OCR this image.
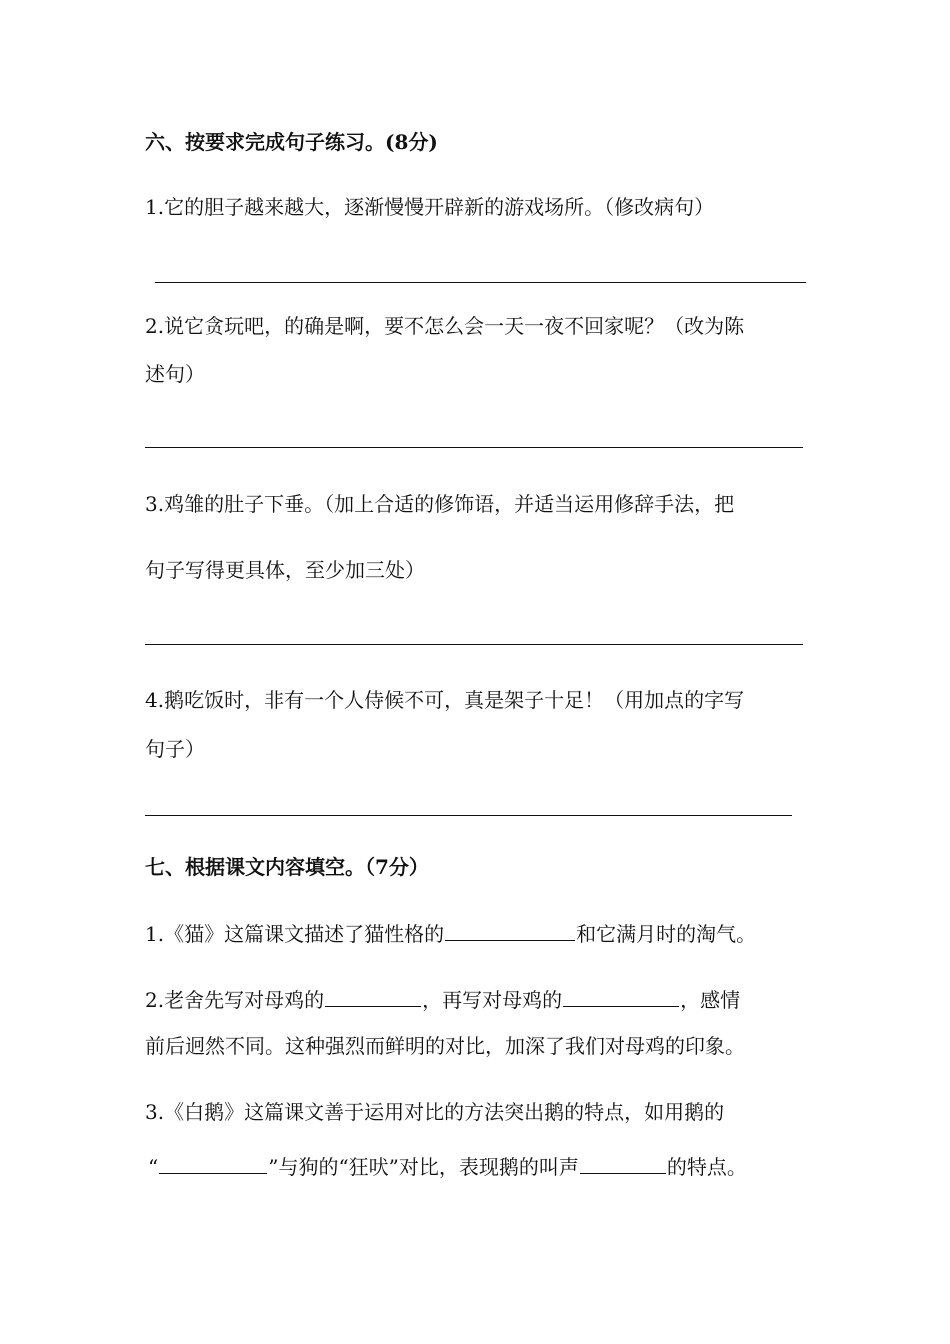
六、按要求完成句子练习。(8分)
1.它的胆子越来越大，逐渐慢慢开辟新的游戏场所。（修改病句）
2.说它贪玩吧，的确是啊，要不怎么会一天一夜不回家呢？（改为陈
述句）
3.鸡雏的肚子下垂。（加上合适的修饰语，并适当运用修辞手法，把
句子写得更具体，至少加三处）
4.鹅吃饭时，非有一个人侍候不可，真是架子十足！（用加点的字写
句子）
七、根据课文内容填空。（7分）
1.《猫》这篇课文描述了猫性格的	和它满月时的淘气。
2.老舍先写对母鸡的	，再写对母鸡的	，感情
前后迥然不同。这种强烈而鲜明的对比，加深了我们对母鸡的印象。
3.《白鹅》这篇课文善于运用对比的方法突出鹅的特点，如用鹅的
“	”与狗的“狂吠”对比，表现鹅的叫声	的特点。
